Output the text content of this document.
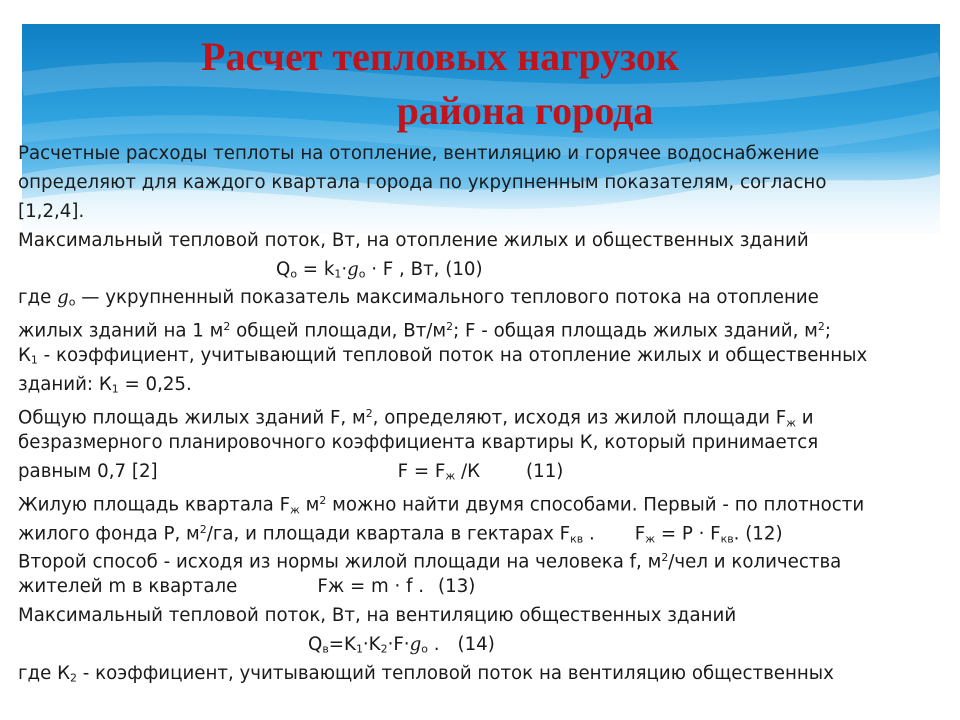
Расчет тепловых нагрузок
района города
Расчетные расходы теплоты на отопление, вентиляцию и горячее водоснабжение
определяют для каждого квартала города по укрупненным показателям, согласно
[1,2,4].
Максимальный тепловой поток, Вт, на отопление жилых и общественных зданий
$Q_o = k_1\cdot g_o \cdot F$ , Вт, (10)
где $g_o$ — укрупненный показатель максимального теплового потока на отопление
жилых зданий на 1 $м^2$ общей площади, $Вт/м^2$; F - общая площадь жилых зданий, $м^2$;
$К_1$ - коэффициент, учитывающий тепловой поток на отопление жилых и общественных
зданий: $К_1 = 0,25$.
Общую площадь жилых зданий F, $м^2$, определяют, исходя из жилой площади $F_ж$ и
безразмерного планировочного коэффициента квартиры К, который принимается
равным 0,7 [2]	$F = F_ж$ /К	(11)
Жилую площадь квартала $F_ж$ $м^2$ можно найти двумя способами. Первый - по плотности
жилого фонда Р, $м^2/га$, и площади квартала в гектарах $F_{кв}$ . $F_ж = Р \cdot F_{кв}$. (12)
Второй способ - исходя из нормы жилой площади на человека f, $м^2$/чел и количества
жителей m в квартале	Fж = m · f . (13)
Максимальный тепловой поток, Вт, на вентиляцию общественных зданий
$Q_в=K_1\cdot K_2\cdot F\cdot g_o$ . (14)
где $К_2$ - коэффициент, учитывающий тепловой поток на вентиляцию общественных
